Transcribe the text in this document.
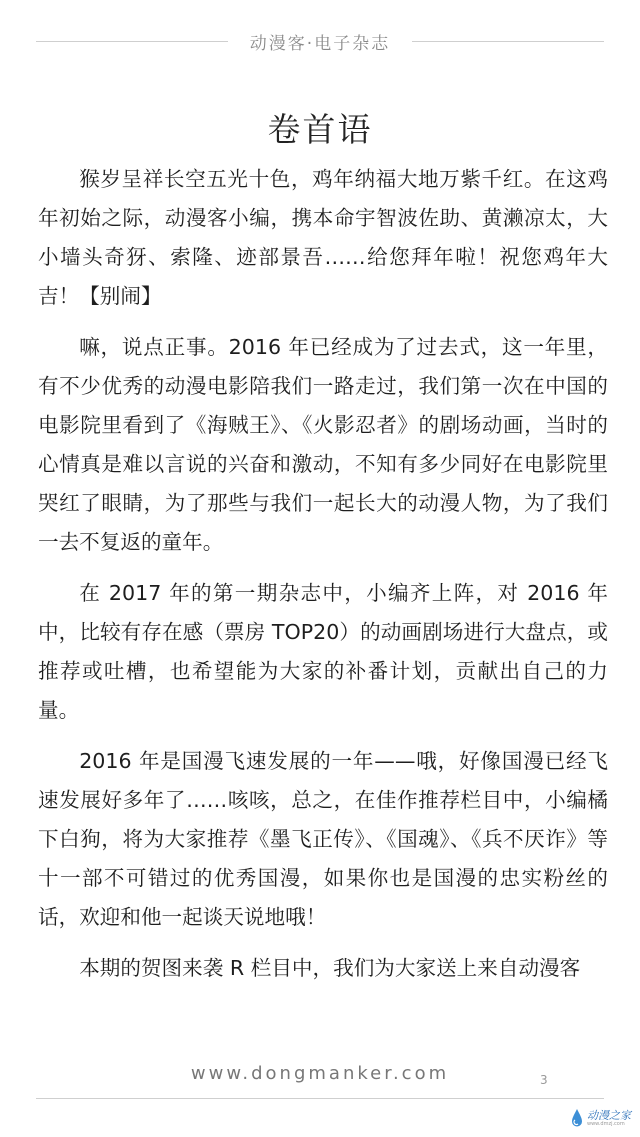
动漫客·电子杂志
卷首语

猴岁呈祥长空五光十色，鸡年纳福大地万紫千红。在这鸡年初始之际，动漫客小编，携本命宇智波佐助、黄濑凉太，大小墙头奇犽、索隆、迹部景吾……给您拜年啦！祝您鸡年大吉！【别闹】

嘛，说点正事。2016 年已经成为了过去式，这一年里，有不少优秀的动漫电影陪我们一路走过，我们第一次在中国的电影院里看到了《海贼王》、《火影忍者》的剧场动画，当时的心情真是难以言说的兴奋和激动，不知有多少同好在电影院里哭红了眼睛，为了那些与我们一起长大的动漫人物，为了我们一去不复返的童年。

在 2017 年的第一期杂志中，小编齐上阵，对 2016 年中，比较有存在感（票房 TOP20）的动画剧场进行大盘点，或推荐或吐槽，也希望能为大家的补番计划，贡献出自己的力量。

2016 年是国漫飞速发展的一年——哦，好像国漫已经飞速发展好多年了……咳咳，总之，在佳作推荐栏目中，小编橘下白狗，将为大家推荐《墨飞正传》、《国魂》、《兵不厌诈》等十一部不可错过的优秀国漫，如果你也是国漫的忠实粉丝的话，欢迎和他一起谈天说地哦！

本期的贺图来袭 R 栏目中，我们为大家送上来自动漫客

www.dongmanker.com	3
动漫之家
www.dmzj.com
